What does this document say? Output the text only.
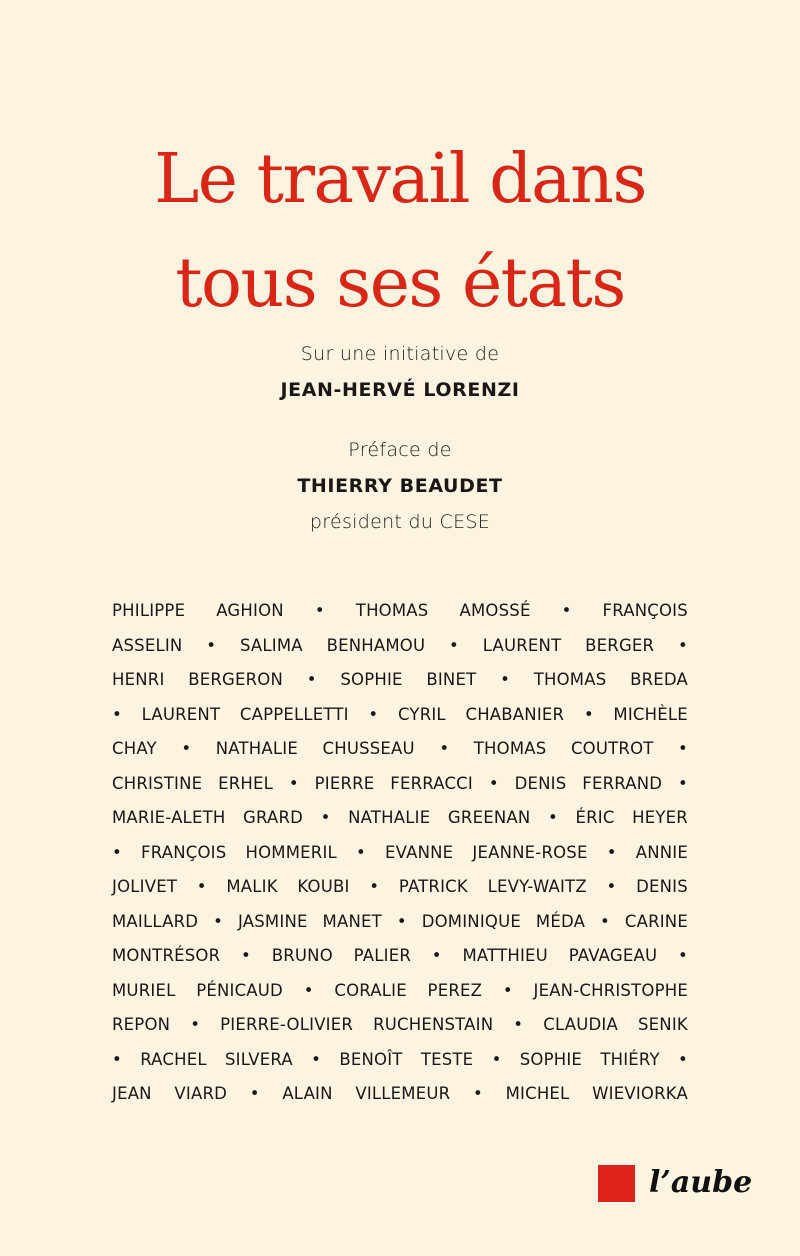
Le travail dans
tous ses états
Sur une initiative de
JEAN-HERVÉ LORENZI
Préface de
THIERRY BEAUDET
président du CESE
PHILIPPE AGHION • THOMAS AMOSSÉ • FRANÇOIS
ASSELIN • SALIMA BENHAMOU • LAURENT BERGER •
HENRI BERGERON • SOPHIE BINET • THOMAS BREDA
• LAURENT CAPPELLETTI • CYRIL CHABANIER • MICHÈLE
CHAY • NATHALIE CHUSSEAU • THOMAS COUTROT •
CHRISTINE ERHEL • PIERRE FERRACCI • DENIS FERRAND •
MARIE-ALETH GRARD • NATHALIE GREENAN • ÉRIC HEYER
• FRANÇOIS HOMMERIL • EVANNE JEANNE-ROSE • ANNIE
JOLIVET • MALIK KOUBI • PATRICK LEVY-WAITZ • DENIS
MAILLARD • JASMINE MANET • DOMINIQUE MÉDA • CARINE
MONTRÉSOR • BRUNO PALIER • MATTHIEU PAVAGEAU •
MURIEL PÉNICAUD • CORALIE PEREZ • JEAN-CHRISTOPHE
REPON • PIERRE-OLIVIER RUCHENSTAIN • CLAUDIA SENIK
• RACHEL SILVERA • BENOÎT TESTE • SOPHIE THIÉRY •
JEAN VIARD • ALAIN VILLEMEUR • MICHEL WIEVIORKA
l’aube
